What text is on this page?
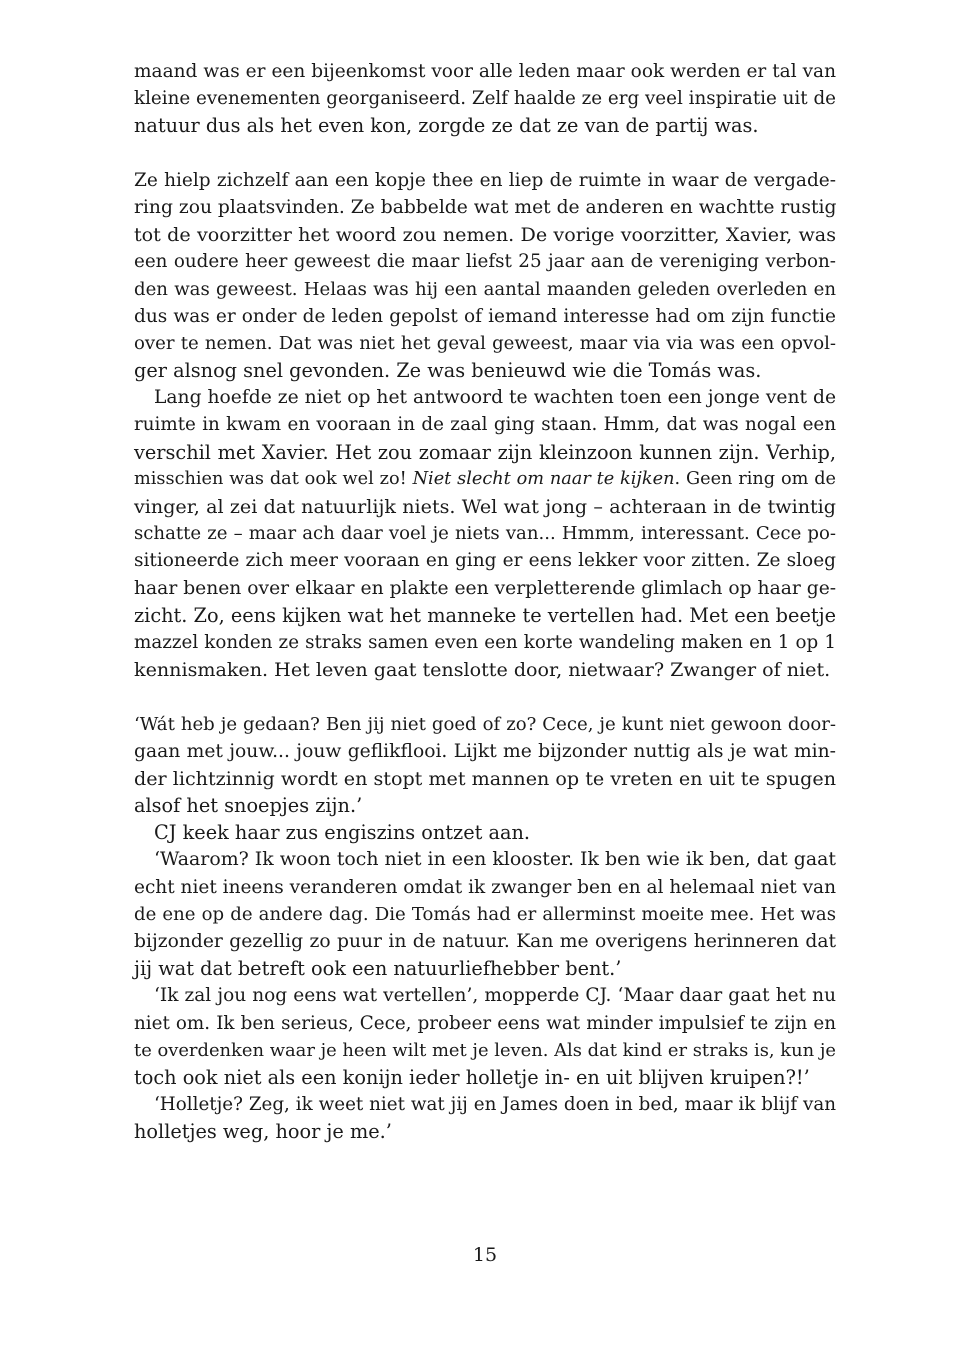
maand was er een bijeenkomst voor alle leden maar ook werden er tal van
kleine evenementen georganiseerd. Zelf haalde ze erg veel inspiratie uit de
natuur dus als het even kon, zorgde ze dat ze van de partij was.
Ze hielp zichzelf aan een kopje thee en liep de ruimte in waar de vergade-
ring zou plaatsvinden. Ze babbelde wat met de anderen en wachtte rustig
tot de voorzitter het woord zou nemen. De vorige voorzitter, Xavier, was
een oudere heer geweest die maar liefst 25 jaar aan de vereniging verbon-
den was geweest. Helaas was hij een aantal maanden geleden overleden en
dus was er onder de leden gepolst of iemand interesse had om zijn functie
over te nemen. Dat was niet het geval geweest, maar via via was een opvol-
ger alsnog snel gevonden. Ze was benieuwd wie die Tomás was.
Lang hoefde ze niet op het antwoord te wachten toen een jonge vent de
ruimte in kwam en vooraan in de zaal ging staan. Hmm, dat was nogal een
verschil met Xavier. Het zou zomaar zijn kleinzoon kunnen zijn. Verhip,
misschien was dat ook wel zo! Niet slecht om naar te kijken. Geen ring om de
vinger, al zei dat natuurlijk niets. Wel wat jong – achteraan in de twintig
schatte ze – maar ach daar voel je niets van... Hmmm, interessant. Cece po-
sitioneerde zich meer vooraan en ging er eens lekker voor zitten. Ze sloeg
haar benen over elkaar en plakte een verpletterende glimlach op haar ge-
zicht. Zo, eens kijken wat het manneke te vertellen had. Met een beetje
mazzel konden ze straks samen even een korte wandeling maken en 1 op 1
kennismaken. Het leven gaat tenslotte door, nietwaar? Zwanger of niet.
‘Wát heb je gedaan? Ben jij niet goed of zo? Cece, je kunt niet gewoon door-
gaan met jouw... jouw geflikflooi. Lijkt me bijzonder nuttig als je wat min-
der lichtzinnig wordt en stopt met mannen op te vreten en uit te spugen
alsof het snoepjes zijn.’
CJ keek haar zus engiszins ontzet aan.
‘Waarom? Ik woon toch niet in een klooster. Ik ben wie ik ben, dat gaat
echt niet ineens veranderen omdat ik zwanger ben en al helemaal niet van
de ene op de andere dag. Die Tomás had er allerminst moeite mee. Het was
bijzonder gezellig zo puur in de natuur. Kan me overigens herinneren dat
jij wat dat betreft ook een natuurliefhebber bent.’
‘Ik zal jou nog eens wat vertellen’, mopperde CJ. ‘Maar daar gaat het nu
niet om. Ik ben serieus, Cece, probeer eens wat minder impulsief te zijn en
te overdenken waar je heen wilt met je leven. Als dat kind er straks is, kun je
toch ook niet als een konijn ieder holletje in- en uit blijven kruipen?!’
‘Holletje? Zeg, ik weet niet wat jij en James doen in bed, maar ik blijf van
holletjes weg, hoor je me.’
15
